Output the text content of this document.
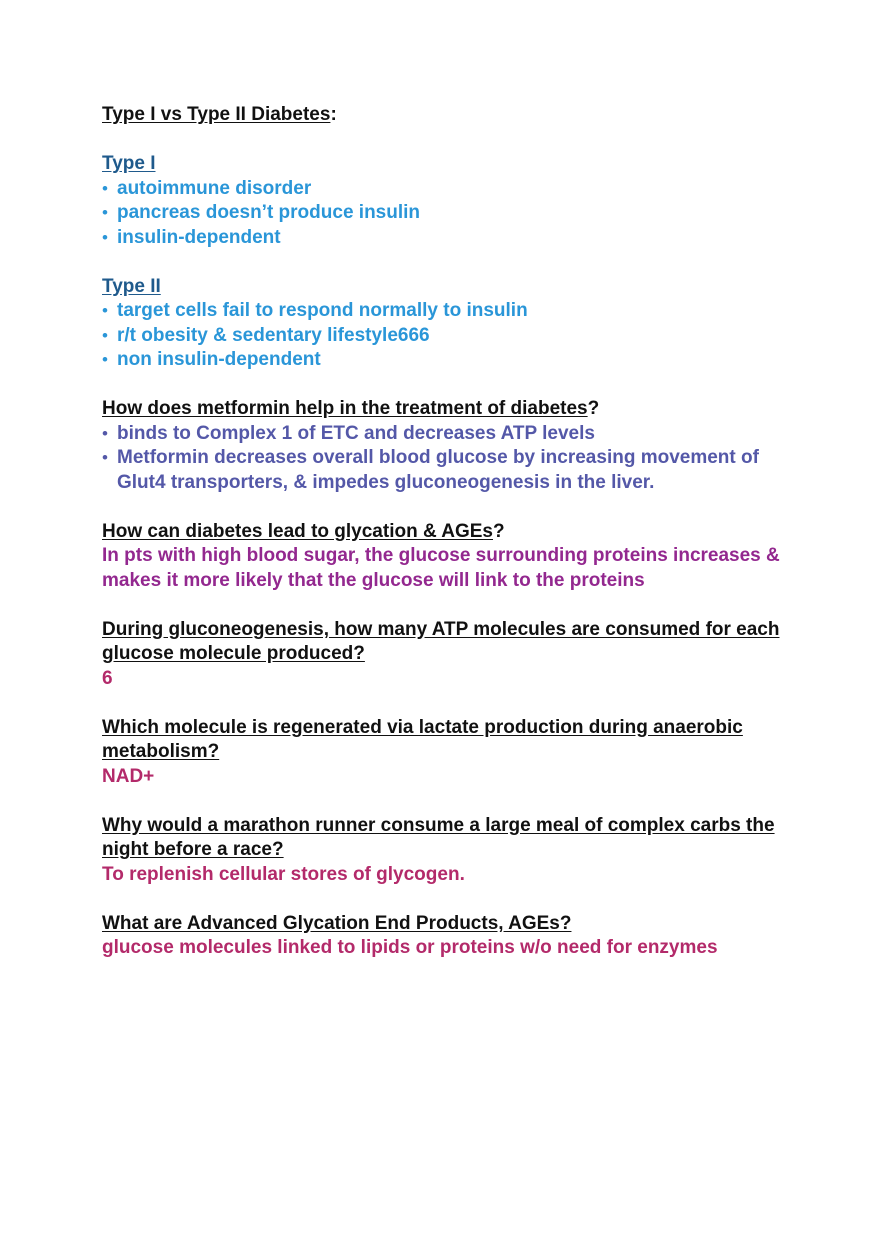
Type I vs Type II Diabetes:
Type I
• autoimmune disorder
• pancreas doesn’t produce insulin
• insulin-dependent
Type II
• target cells fail to respond normally to insulin
• r/t obesity & sedentary lifestyle666
• non insulin-dependent
How does metformin help in the treatment of diabetes?
• binds to Complex 1 of ETC and decreases ATP levels
• Metformin decreases overall blood glucose by increasing movement of Glut4 transporters, & impedes gluconeogenesis in the liver.
How can diabetes lead to glycation & AGEs?
In pts with high blood sugar, the glucose surrounding proteins increases & makes it more likely that the glucose will link to the proteins
During gluconeogenesis, how many ATP molecules are consumed for each glucose molecule produced?
6
Which molecule is regenerated via lactate production during anaerobic metabolism?
NAD+
Why would a marathon runner consume a large meal of complex carbs the night before a race?
To replenish cellular stores of glycogen.
What are Advanced Glycation End Products, AGEs?
glucose molecules linked to lipids or proteins w/o need for enzymes
